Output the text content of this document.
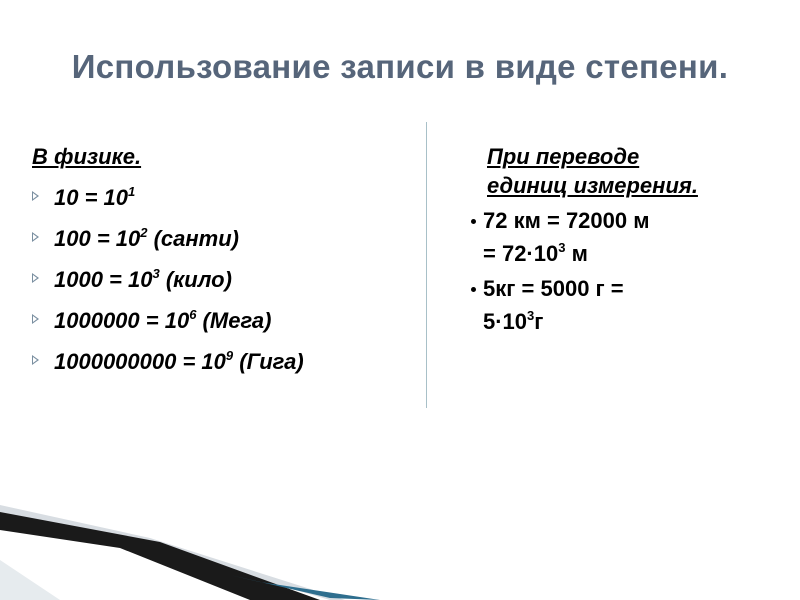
Использование записи в виде степени.
В физике.
$10 = 10^1$
$100 = 10^2$ (санти)
$1000 = 10^3$ (кило)
$1000000 = 10^6$ (Мега)
$1000000000 = 10^9$ (Гига)
При переводе
единиц измерения.
72 км = 72000 м
= $72\cdot 10^3$ м
5кг = 5000 г =
$5\cdot 10^3г$
